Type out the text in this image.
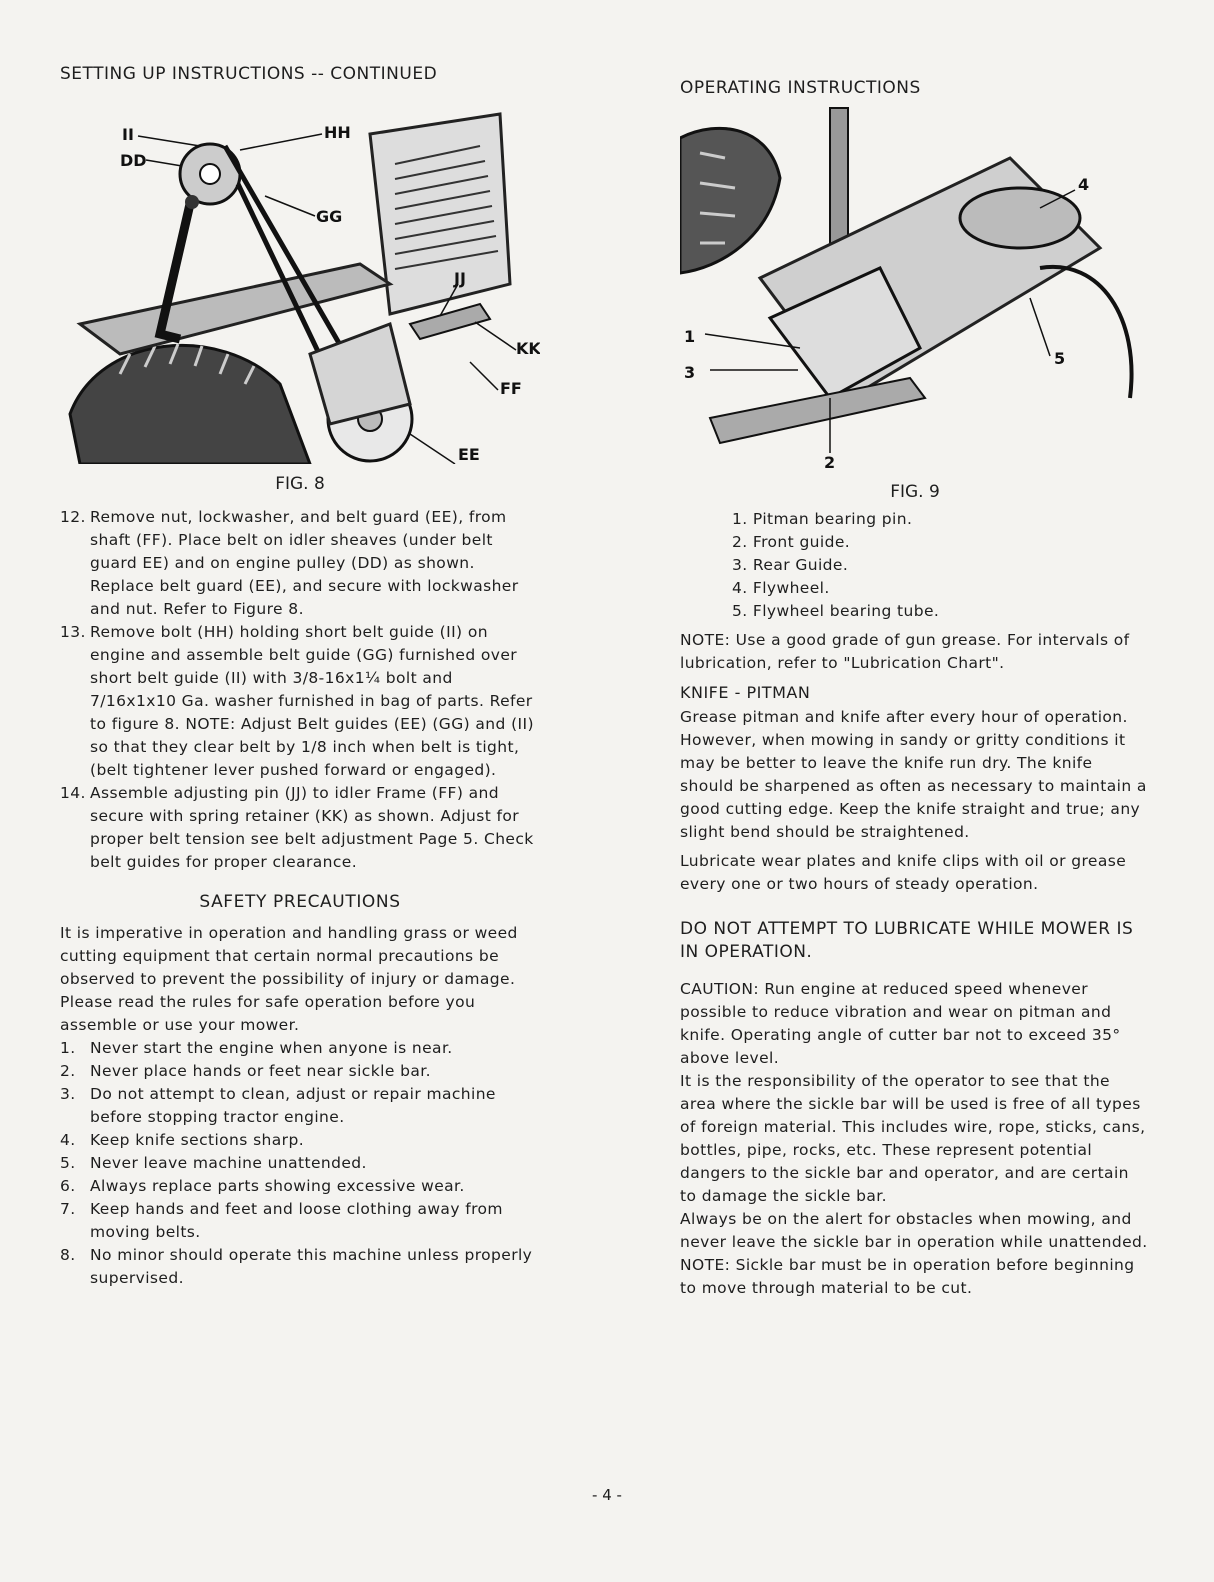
SETTING UP INSTRUCTIONS -- CONTINUED
II
DD
HH
GG
JJ
KK
FF
EE

FIG. 8

12. Remove nut, lockwasher, and belt guard (EE), from shaft (FF). Place belt on idler sheaves (under belt guard EE) and on engine pulley (DD) as shown. Replace belt guard (EE), and secure with lockwasher and nut. Refer to Figure 8.
13. Remove bolt (HH) holding short belt guide (II) on engine and assemble belt guide (GG) furnished over short belt guide (II) with 3/8-16x1¼ bolt and 7/16x1x10 Ga. washer furnished in bag of parts. Refer to figure 8. NOTE: Adjust Belt guides (EE) (GG) and (II) so that they clear belt by 1/8 inch when belt is tight, (belt tightener lever pushed forward or engaged).
14. Assemble adjusting pin (JJ) to idler Frame (FF) and secure with spring retainer (KK) as shown. Adjust for proper belt tension see belt adjustment Page 5. Check belt guides for proper clearance.
SAFETY PRECAUTIONS

It is imperative in operation and handling grass or weed cutting equipment that certain normal precautions be observed to prevent the possibility of injury or damage.

Please read the rules for safe operation before you assemble or use your mower.

1. Never start the engine when anyone is near.
2. Never place hands or feet near sickle bar.
3. Do not attempt to clean, adjust or repair machine before stopping tractor engine.
4. Keep knife sections sharp.
5. Never leave machine unattended.
6. Always replace parts showing excessive wear.
7. Keep hands and feet and loose clothing away from moving belts.
8. No minor should operate this machine unless properly supervised.
OPERATING INSTRUCTIONS
1
3
2
4
5

FIG. 9

1. Pitman bearing pin.
2. Front guide.
3. Rear Guide.
4. Flywheel.
5. Flywheel bearing tube.

NOTE: Use a good grade of gun grease. For intervals of lubrication, refer to "Lubrication Chart".

KNIFE - PITMAN

Grease pitman and knife after every hour of operation. However, when mowing in sandy or gritty conditions it may be better to leave the knife run dry. The knife should be sharpened as often as necessary to maintain a good cutting edge. Keep the knife straight and true; any slight bend should be straightened.

Lubricate wear plates and knife clips with oil or grease every one or two hours of steady operation.

DO NOT ATTEMPT TO LUBRICATE WHILE MOWER IS IN OPERATION.

CAUTION: Run engine at reduced speed whenever possible to reduce vibration and wear on pitman and knife. Operating angle of cutter bar not to exceed 35° above level.

It is the responsibility of the operator to see that the area where the sickle bar will be used is free of all types of foreign material. This includes wire, rope, sticks, cans, bottles, pipe, rocks, etc. These represent potential dangers to the sickle bar and operator, and are certain to damage the sickle bar.

Always be on the alert for obstacles when mowing, and never leave the sickle bar in operation while unattended.

NOTE: Sickle bar must be in operation before beginning to move through material to be cut.

- 4 -
